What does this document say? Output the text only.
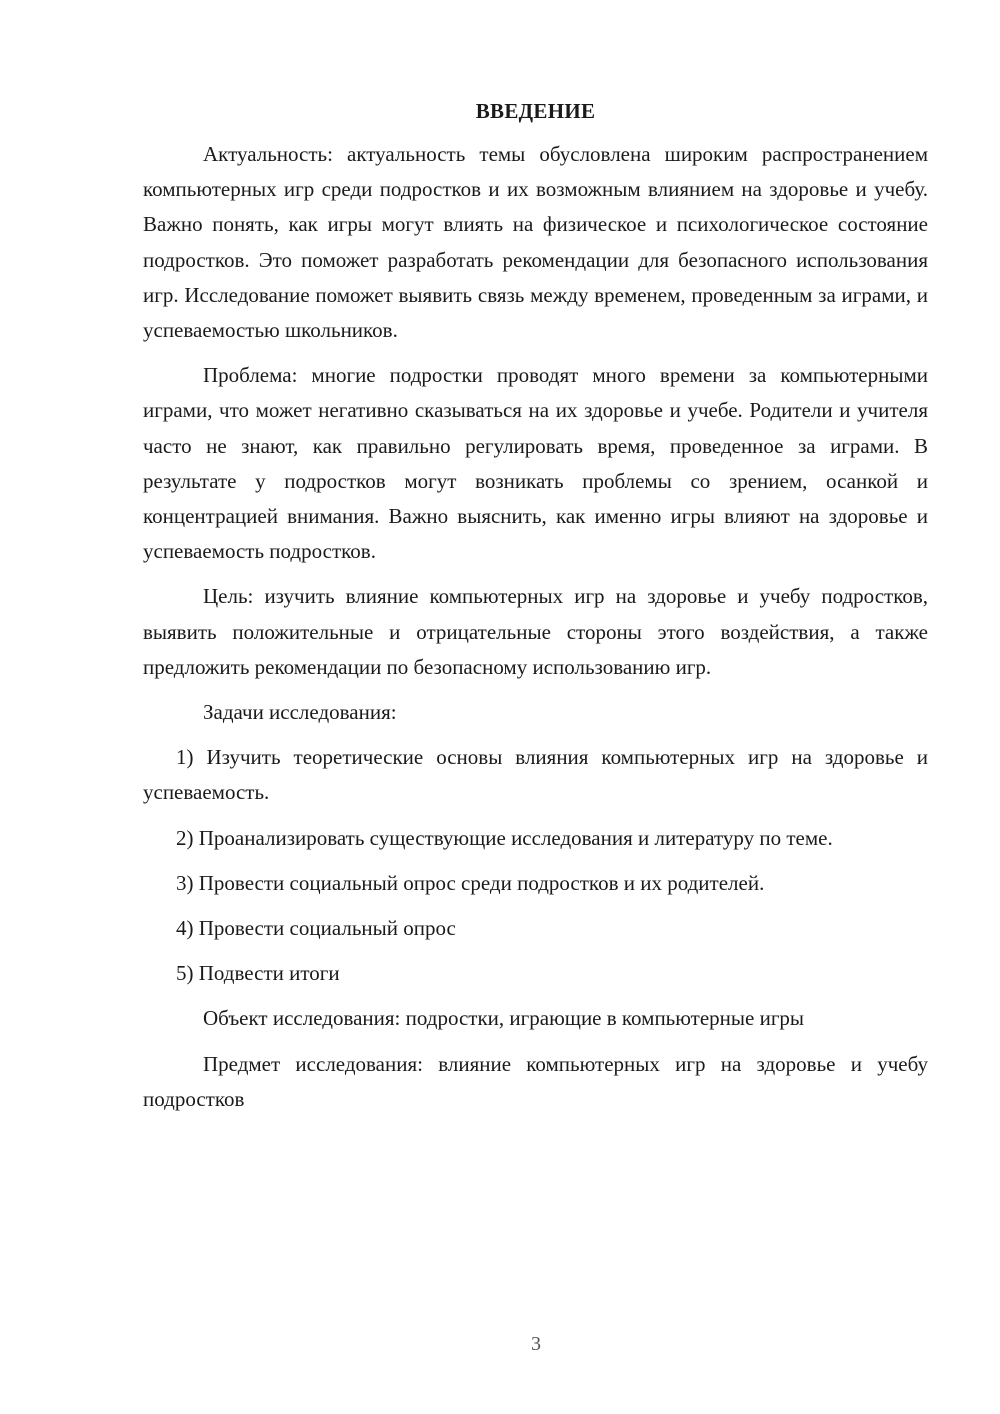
ВВЕДЕНИЕ

Актуальность: актуальность темы обусловлена широким распространением компьютерных игр среди подростков и их возможным влиянием на здоровье и учебу. Важно понять, как игры могут влиять на физическое и психологическое состояние подростков. Это поможет разработать рекомендации для безопасного использования игр. Исследование поможет выявить связь между временем, проведенным за играми, и успеваемостью школьников.

Проблема: многие подростки проводят много времени за компьютерными играми, что может негативно сказываться на их здоровье и учебе. Родители и учителя часто не знают, как правильно регулировать время, проведенное за играми. В результате у подростков могут возникать проблемы со зрением, осанкой и концентрацией внимания. Важно выяснить, как именно игры влияют на здоровье и успеваемость подростков.

Цель: изучить влияние компьютерных игр на здоровье и учебу подростков, выявить положительные и отрицательные стороны этого воздействия, а также предложить рекомендации по безопасному использованию игр.

Задачи исследования:

1) Изучить теоретические основы влияния компьютерных игр на здоровье и успеваемость.

2) Проанализировать существующие исследования и литературу по теме.

3) Провести социальный опрос среди подростков и их родителей.

4) Провести социальный опрос

5) Подвести итоги

Объект исследования: подростки, играющие в компьютерные игры

Предмет исследования: влияние компьютерных игр на здоровье и учебу подростков

3
